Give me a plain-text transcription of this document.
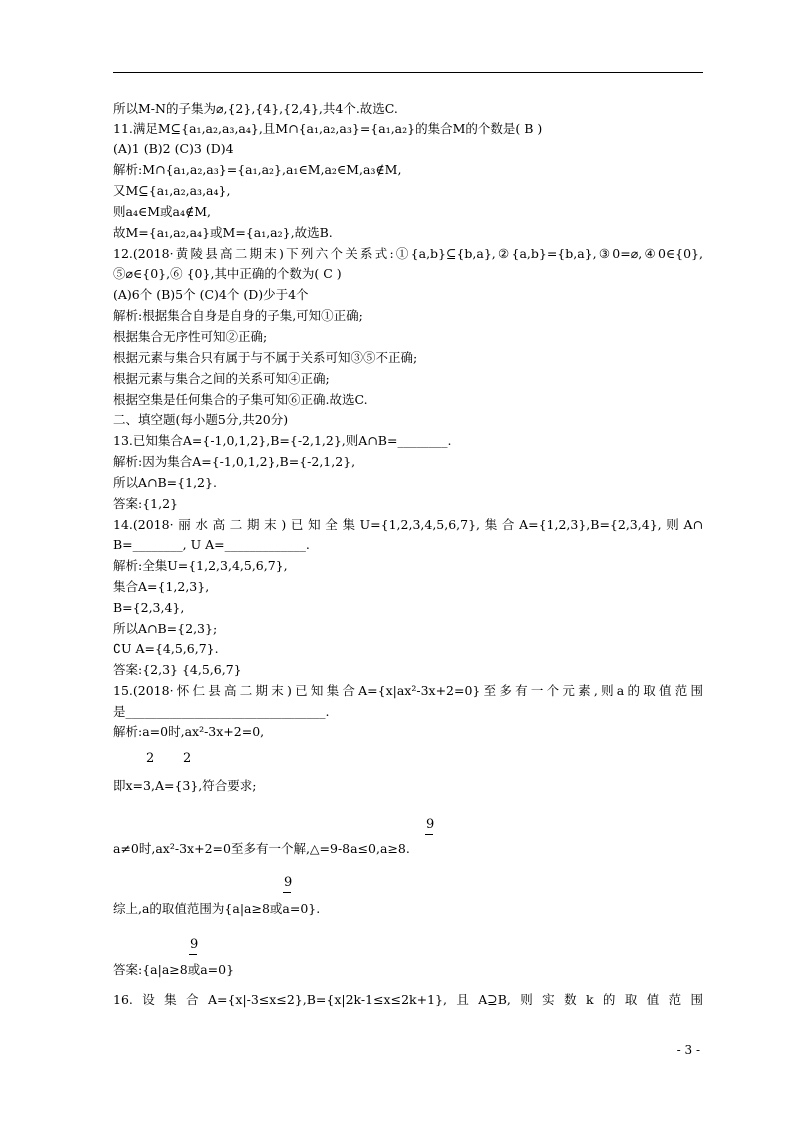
所以M-N的子集为⌀,{2},{4},{2,4},共4个.故选C.
11.满足M⊆{a₁,a₂,a₃,a₄},且M∩{a₁,a₂,a₃}={a₁,a₂}的集合M的个数是( B )
(A)1 (B)2 (C)3 (D)4
解析:M∩{a₁,a₂,a₃}={a₁,a₂},a₁∈M,a₂∈M,a₃∉M,
又M⊆{a₁,a₂,a₃,a₄},
则a₄∈M或a₄∉M,
故M={a₁,a₂,a₄}或M={a₁,a₂},故选B.
12.(2018·黄陵县高二期末)下列六个关系式:①{a,b}⊆{b,a},②{a,b}={b,a},③0=⌀,④0∈{0},
⑤⌀∈{0},⑥ {0},其中正确的个数为( C )
(A)6个 (B)5个 (C)4个 (D)少于4个
解析:根据集合自身是自身的子集,可知①正确;
根据集合无序性可知②正确;
根据元素与集合只有属于与不属于关系可知③⑤不正确;
根据元素与集合之间的关系可知④正确;
根据空集是任何集合的子集可知⑥正确.故选C.
二、填空题(每小题5分,共20分)
13.已知集合A={-1,0,1,2},B={-2,1,2},则A∩B=________.
解析:因为集合A={-1,0,1,2},B={-2,1,2},
所以A∩B={1,2}.
答案:{1,2}
14.(2018·丽水高二期末)已知全集U={1,2,3,4,5,6,7},集合A={1,2,3},B={2,3,4},则A∩
B=________, U A=_____________.
解析:全集U={1,2,3,4,5,6,7},
集合A={1,2,3},
B={2,3,4},
所以A∩B={2,3};
∁U A={4,5,6,7}.
答案:{2,3} {4,5,6,7}
15.(2018·怀仁县高二期末)已知集合A={x|ax²-3x+2=0}至多有一个元素,则a的取值范围
是________________________________.
解析:a=0时,ax²-3x+2=0,
2 2
即x=3,A={3},符合要求;
9
a≠0时,ax²-3x+2=0至多有一个解,△=9-8a≤0,a≥8.
9
综上,a的取值范围为{a|a≥8或a=0}.
9
答案:{a|a≥8或a=0}
16.设集合A={x|-3≤x≤2},B={x|2k-1≤x≤2k+1},且A⊇B,则实数k的取值范围
- 3 -
